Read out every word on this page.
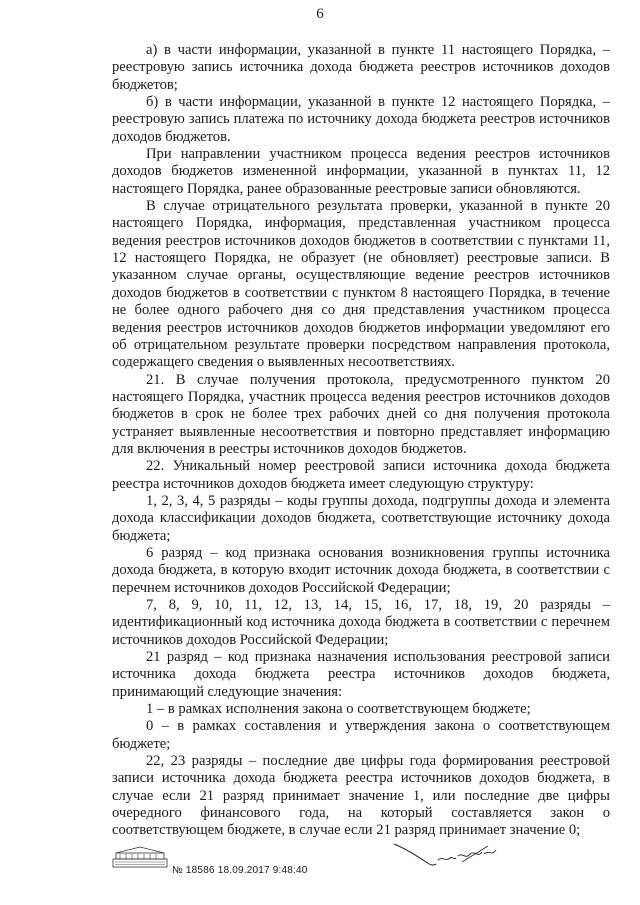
6

а) в части информации, указанной в пункте 11 настоящего Порядка, – реестровую запись источника дохода бюджета реестров источников доходов бюджетов;

б) в части информации, указанной в пункте 12 настоящего Порядка, – реестровую запись платежа по источнику дохода бюджета реестров источников доходов бюджетов.

При направлении участником процесса ведения реестров источников доходов бюджетов измененной информации, указанной в пунктах 11, 12 настоящего Порядка, ранее образованные реестровые записи обновляются.

В случае отрицательного результата проверки, указанной в пункте 20 настоящего Порядка, информация, представленная участником процесса ведения реестров источников доходов бюджетов в соответствии с пунктами 11, 12 настоящего Порядка, не образует (не обновляет) реестровые записи. В указанном случае органы, осуществляющие ведение реестров источников доходов бюджетов в соответствии с пунктом 8 настоящего Порядка, в течение не более одного рабочего дня со дня представления участником процесса ведения реестров источников доходов бюджетов информации уведомляют его об отрицательном результате проверки посредством направления протокола, содержащего сведения о выявленных несоответствиях.

21. В случае получения протокола, предусмотренного пунктом 20 настоящего Порядка, участник процесса ведения реестров источников доходов бюджетов в срок не более трех рабочих дней со дня получения протокола устраняет выявленные несоответствия и повторно представляет информацию для включения в реестры источников доходов бюджетов.

22. Уникальный номер реестровой записи источника дохода бюджета реестра источников доходов бюджета имеет следующую структуру:

1, 2, 3, 4, 5 разряды – коды группы дохода, подгруппы дохода и элемента дохода классификации доходов бюджета, соответствующие источнику дохода бюджета;

6 разряд – код признака основания возникновения группы источника дохода бюджета, в которую входит источник дохода бюджета, в соответствии с перечнем источников доходов Российской Федерации;

7, 8, 9, 10, 11, 12, 13, 14, 15, 16, 17, 18, 19, 20 разряды – идентификационный код источника дохода бюджета в соответствии с перечнем источников доходов Российской Федерации;

21 разряд – код признака назначения использования реестровой записи источника дохода бюджета реестра источников доходов бюджета, принимающий следующие значения:

1 – в рамках исполнения закона о соответствующем бюджете;

0 – в рамках составления и утверждения закона о соответствующем бюджете;

22, 23 разряды – последние две цифры года формирования реестровой записи источника дохода бюджета реестра источников доходов бюджета, в случае если 21 разряд принимает значение 1, или последние две цифры очередного финансового года, на который составляется закон о соответствующем бюджете, в случае если 21 разряд принимает значение 0;

№ 18586 18.09.2017 9:48:40
